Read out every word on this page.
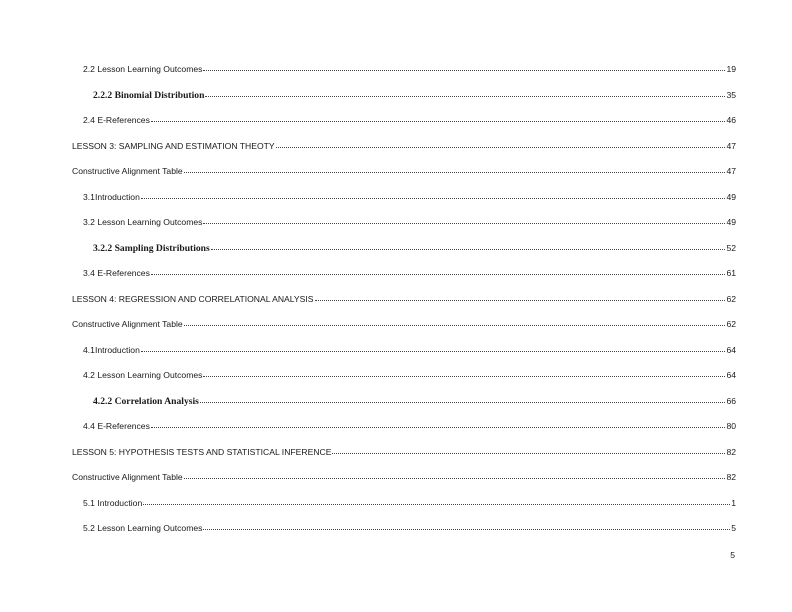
2.2 Lesson Learning Outcomes	19
2.2.2 Binomial Distribution	35
2.4 E-References	46
LESSON 3: SAMPLING AND ESTIMATION THEOTY	47
Constructive Alignment Table	47
3.1Introduction	49
3.2 Lesson Learning Outcomes	49
3.2.2 Sampling Distributions	52
3.4 E-References	61
LESSON 4: REGRESSION AND CORRELATIONAL ANALYSIS	62
Constructive Alignment Table	62
4.1Introduction	64
4.2 Lesson Learning Outcomes	64
4.2.2 Correlation Analysis	66
4.4 E-References	80
LESSON 5: HYPOTHESIS TESTS AND STATISTICAL INFERENCE	82
Constructive Alignment Table	82
5.1 Introduction	1
5.2 Lesson Learning Outcomes	5
5
